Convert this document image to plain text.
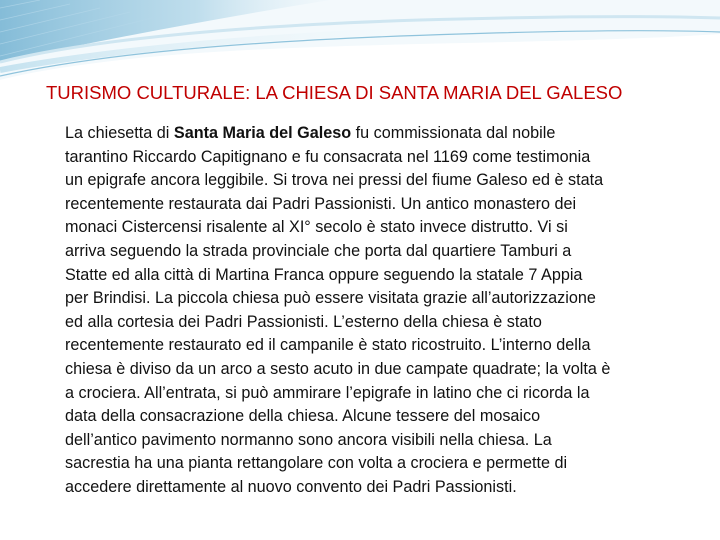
TURISMO CULTURALE: LA CHIESA DI SANTA MARIA DEL GALESO
La chiesetta di Santa Maria del Galeso fu commissionata dal nobile
tarantino Riccardo Capitignano e fu consacrata nel 1169 come testimonia
un epigrafe ancora leggibile. Si trova nei pressi del fiume Galeso ed è stata
recentemente restaurata dai Padri Passionisti. Un antico monastero dei
monaci Cistercensi risalente al XI° secolo è stato invece distrutto. Vi si
arriva seguendo la strada provinciale che porta dal quartiere Tamburi a
Statte ed alla città di Martina Franca oppure seguendo la statale 7 Appia
per Brindisi. La piccola chiesa può essere visitata grazie all’autorizzazione
ed alla cortesia dei Padri Passionisti. L’esterno della chiesa è stato
recentemente restaurato ed il campanile è stato ricostruito. L’interno della
chiesa è diviso da un arco a sesto acuto in due campate quadrate; la volta è
a crociera. All’entrata, si può ammirare l’epigrafe in latino che ci ricorda la
data della consacrazione della chiesa. Alcune tessere del mosaico
dell’antico pavimento normanno sono ancora visibili nella chiesa. La
sacrestia ha una pianta rettangolare con volta a crociera e permette di
accedere direttamente al nuovo convento dei Padri Passionisti.
